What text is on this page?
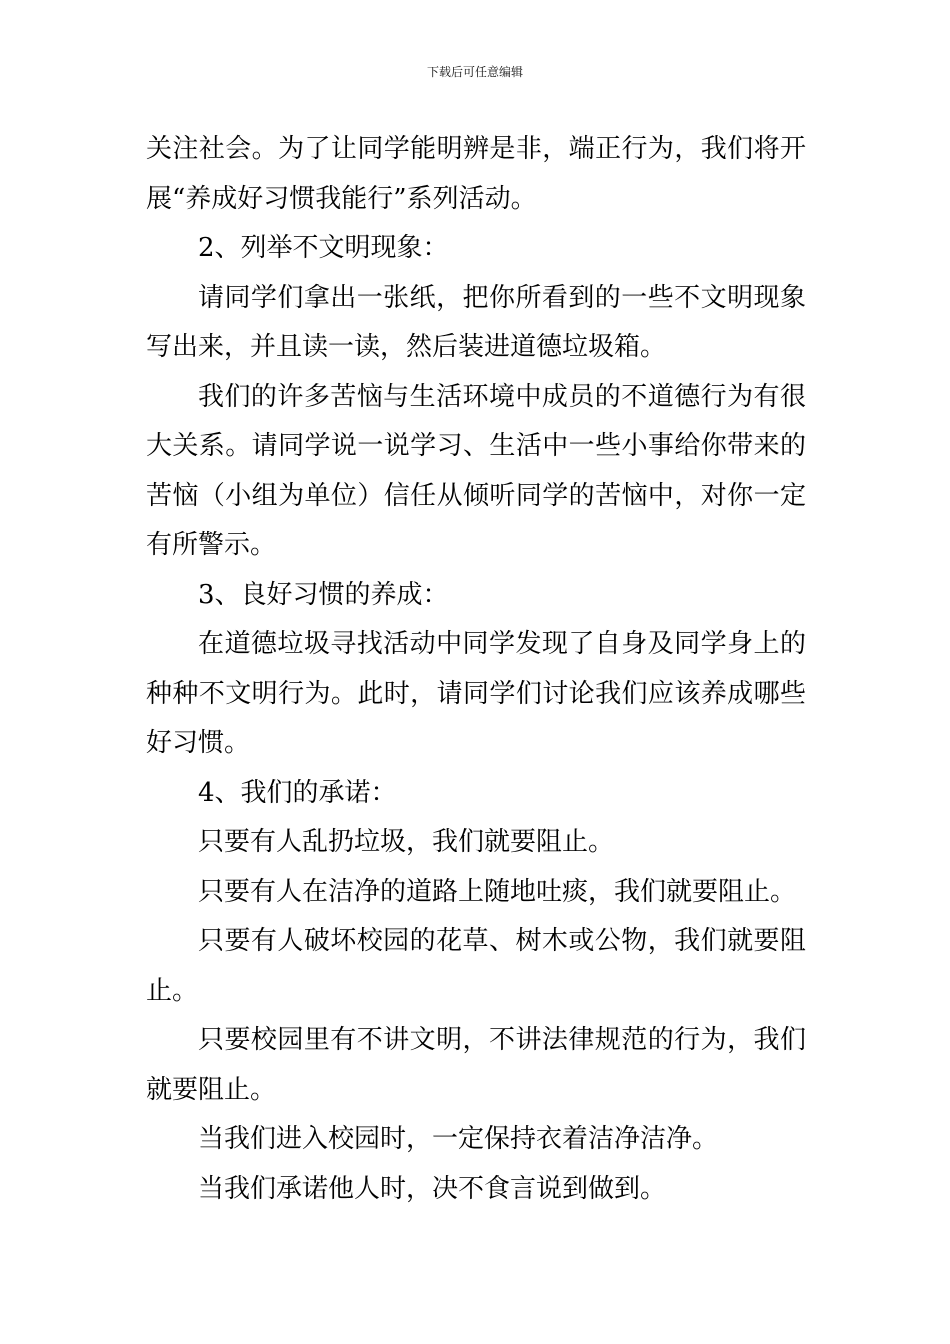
下载后可任意编辑

关注社会。为了让同学能明辨是非，端正行为，我们将开展“养成好习惯我能行”系列活动。

2、列举不文明现象：

请同学们拿出一张纸，把你所看到的一些不文明现象写出来，并且读一读，然后装进道德垃圾箱。

我们的许多苦恼与生活环境中成员的不道德行为有很大关系。请同学说一说学习、生活中一些小事给你带来的苦恼（小组为单位）信任从倾听同学的苦恼中，对你一定有所警示。

3、良好习惯的养成：

在道德垃圾寻找活动中同学发现了自身及同学身上的种种不文明行为。此时，请同学们讨论我们应该养成哪些好习惯。

4、我们的承诺：

只要有人乱扔垃圾，我们就要阻止。

只要有人在洁净的道路上随地吐痰，我们就要阻止。

只要有人破坏校园的花草、树木或公物，我们就要阻止。

只要校园里有不讲文明，不讲法律规范的行为，我们就要阻止。

当我们进入校园时，一定保持衣着洁净洁净。

当我们承诺他人时，决不食言说到做到。
